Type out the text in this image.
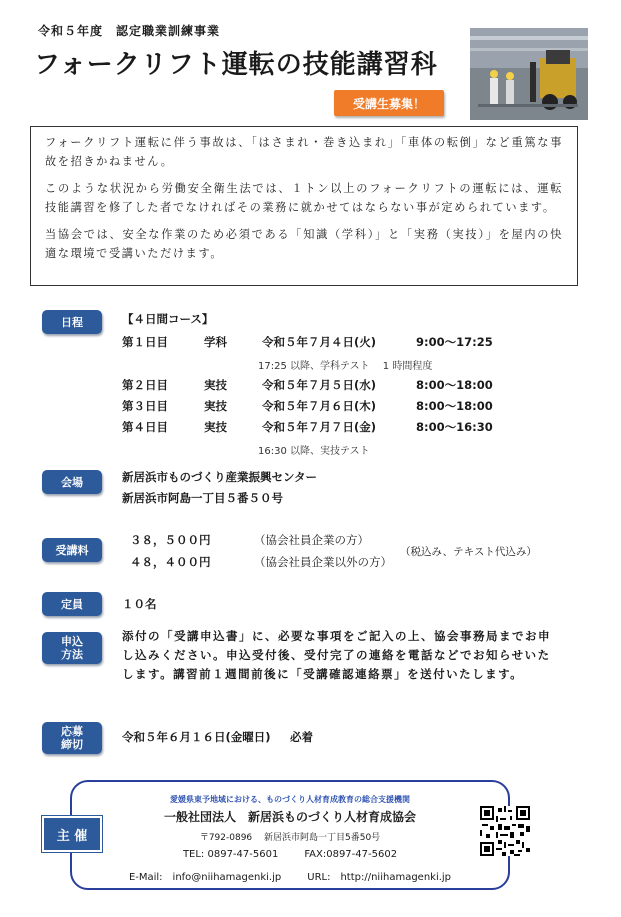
令和５年度　認定職業訓練事業
フォークリフト運転の技能講習科
受講生募集！

フォークリフト運転に伴う事故は、「はさまれ・巻き込まれ」「車体の転倒」など重篤な事故を招きかねません。

このような状況から労働安全衛生法では、１トン以上のフォークリフトの運転には、運転技能講習を修了した者でなければその業務に就かせてはならない事が定められています。

当協会では、安全な作業のため必須である「知識（学科）」と「実務（実技）」を屋内の快適な環境で受講いただけます。

日程	【４日間コース】
第１日目	学科	令和５年７月４日(火)	9:00〜17:25
17:25 以降、学科テスト　 1 時間程度
第２日目	実技	令和５年７月５日(水)	8:00〜18:00
第３日目	実技	令和５年７月６日(木)	8:00〜18:00
第４日目	実技	令和５年７月７日(金)	8:00〜16:30
16:30 以降、実技テスト
会場	新居浜市ものづくり産業振興センター
新居浜市阿島一丁目５番５０号
受講料
３８，５００円	（協会社員企業の方）
４８，４００円	（協会社員企業以外の方）
（税込み、テキスト代込み）
定員	１０名
申込
方法
添付の「受講申込書」に、必要な事項をご記入の上、協会事務局までお申し込みください。申込受付後、受付完了の連絡を電話などでお知らせいたします。講習前１週間前後に「受講確認連絡票」を送付いたします。
応募
締切
令和５年６月１６日(金曜日) 必着
主 催
愛媛県東予地域における、ものづくり人材育成教育の総合支援機関
一般社団法人　新居浜ものづくり人材育成協会
〒792-0896　 新居浜市阿島一丁目5番50号
TEL: 0897-47-5601	FAX:0897-47-5602
E-Mail:　info@niihamagenki.jp	URL:　http://niihamagenki.jp
